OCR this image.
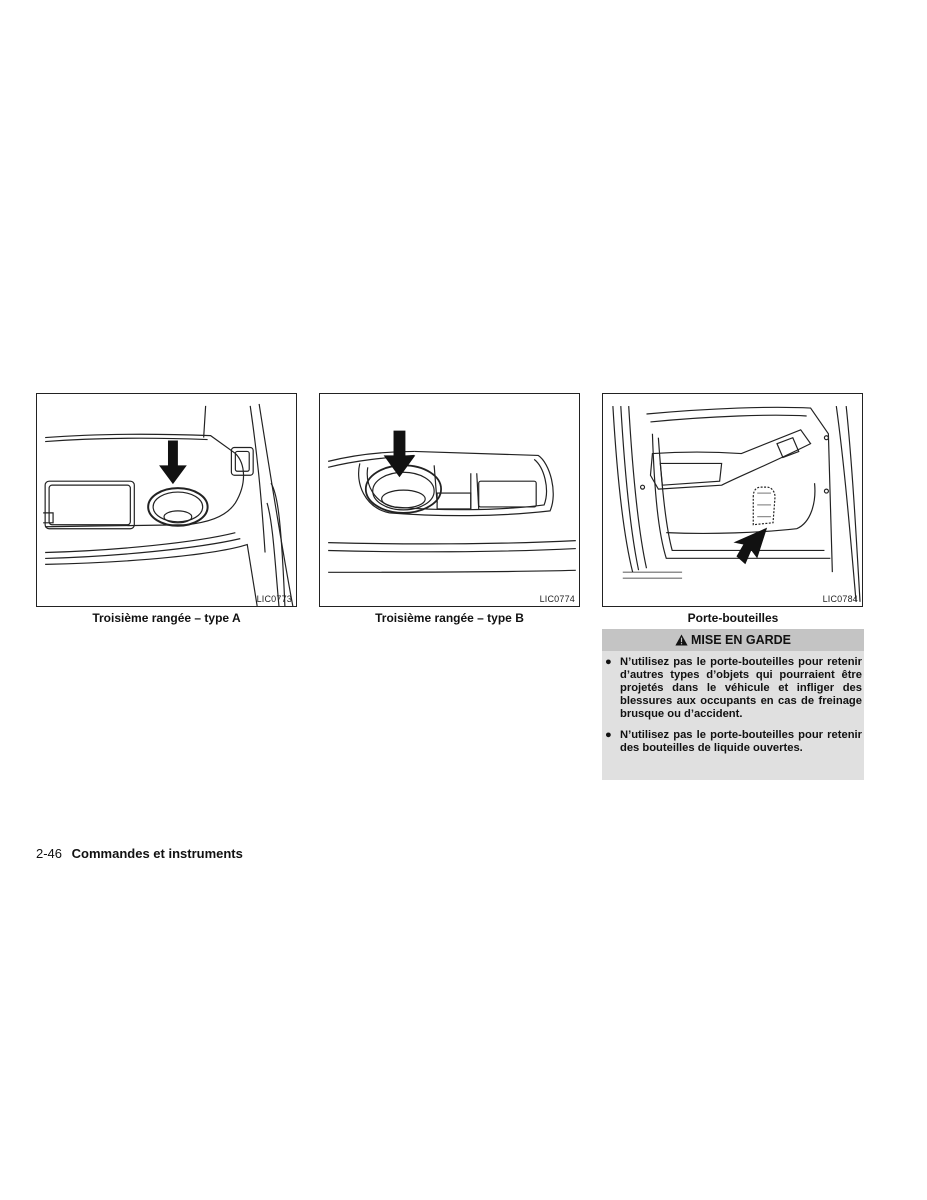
LIC0773
Troisième rangée – type A
LIC0774
Troisième rangée – type B
LIC0784
Porte-bouteilles
MISE EN GARDE
● N’utilisez pas le porte-bouteilles pour retenir d’autres types d’objets qui pourraient être projetés dans le véhicule et infliger des blessures aux occupants en cas de freinage brusque ou d’accident.
● N’utilisez pas le porte-bouteilles pour retenir des bouteilles de liquide ouvertes.
2-46 Commandes et instruments
